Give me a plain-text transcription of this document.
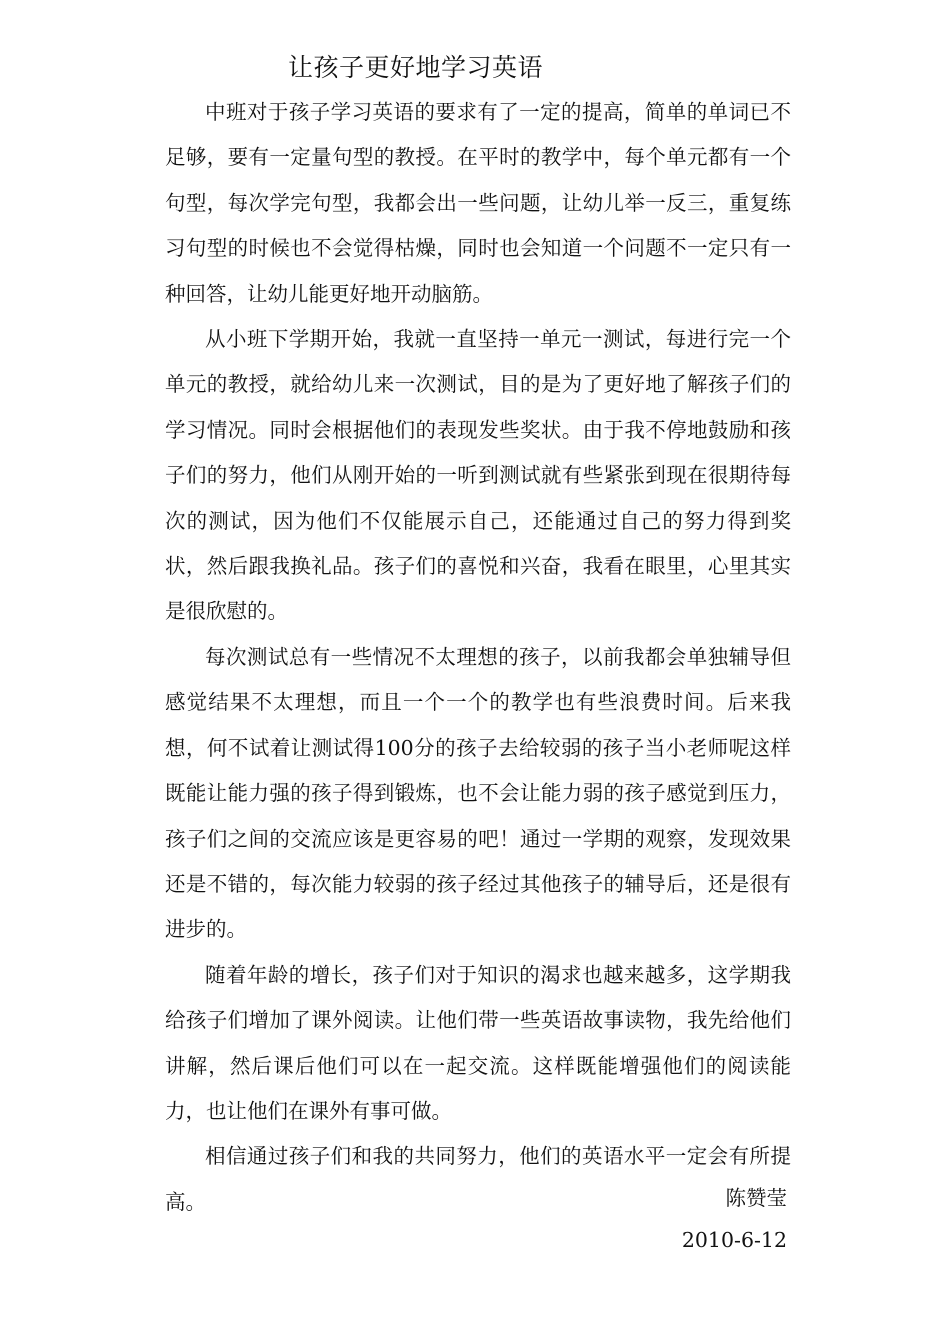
让孩子更好地学习英语

中班对于孩子学习英语的要求有了一定的提高，简单的单词已不足够，要有一定量句型的教授。在平时的教学中，每个单元都有一个句型，每次学完句型，我都会出一些问题，让幼儿举一反三，重复练习句型的时候也不会觉得枯燥，同时也会知道一个问题不一定只有一种回答，让幼儿能更好地开动脑筋。

从小班下学期开始，我就一直坚持一单元一测试，每进行完一个单元的教授，就给幼儿来一次测试，目的是为了更好地了解孩子们的学习情况。同时会根据他们的表现发些奖状。由于我不停地鼓励和孩子们的努力，他们从刚开始的一听到测试就有些紧张到现在很期待每次的测试，因为他们不仅能展示自己，还能通过自己的努力得到奖状，然后跟我换礼品。孩子们的喜悦和兴奋，我看在眼里，心里其实是很欣慰的。

每次测试总有一些情况不太理想的孩子，以前我都会单独辅导但感觉结果不太理想，而且一个一个的教学也有些浪费时间。后来我想，何不试着让测试得100分的孩子去给较弱的孩子当小老师呢这样既能让能力强的孩子得到锻炼，也不会让能力弱的孩子感觉到压力，孩子们之间的交流应该是更容易的吧！通过一学期的观察，发现效果还是不错的，每次能力较弱的孩子经过其他孩子的辅导后，还是很有进步的。

随着年龄的增长，孩子们对于知识的渴求也越来越多，这学期我给孩子们增加了课外阅读。让他们带一些英语故事读物，我先给他们讲解，然后课后他们可以在一起交流。这样既能增强他们的阅读能力，也让他们在课外有事可做。

相信通过孩子们和我的共同努力，他们的英语水平一定会有所提高。	陈赞莹
2010-6-12
